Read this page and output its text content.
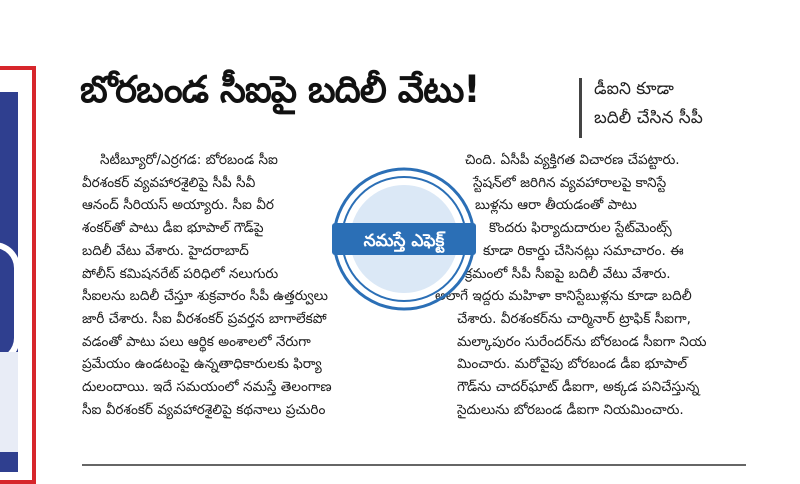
బోరబండ సీఐపై బదిలీ వేటు!	డీఐని కూడా
బదిలీ చేసిన సీపీ
సిటీబ్యూరో/ఎర్రగడ: బోరబండ సీఐ
వీరశంకర్ వ్యవహారశైలిపై సీపీ సీవీ
ఆనంద్ సీరియస్ అయ్యారు. సీఐ వీర
శంకర్‌తో పాటు డీఐ భూపాల్ గౌడ్‌పై
బదిలీ వేటు వేశారు. హైదరాబాద్
పోలీస్ కమిషనరేట్ పరిధిలో నలుగురు
సీఐలను బదిలీ చేస్తూ శుక్రవారం సీపీ ఉత్తర్వులు
జారీ చేశారు. సీఐ వీరశంకర్ ప్రవర్తన బాగాలేకపో
వడంతో పాటు పలు ఆర్థిక అంశాలలో నేరుగా
ప్రమేయం ఉండటంపై ఉన్నతాధికారులకు ఫిర్యా
దులందాయి. ఇదే సమయంలో నమస్తే తెలంగాణ
సీఐ వీరశంకర్ వ్యవహారశైలిపై కథనాలు ప్రచురిం
చింది. ఏసీపీ వ్యక్తిగత విచారణ చేపట్టారు.
స్టేషన్‌లో జరిగిన వ్యవహారాలపై కానిస్టే
బుళ్లను ఆరా తీయడంతో పాటు
కొందరు ఫిర్యాదుదారుల స్టేట్‌మెంట్స్
కూడా రికార్డు చేసినట్లు సమాచారం. ఈ
క్రమంలో సీపీ సీఐపై బదిలీ వేటు వేశారు.
అలాగే ఇద్దరు మహిళా కానిస్టేబుళ్లను కూడా బదిలీ
చేశారు. వీరశంకర్‌ను చార్మినార్ ట్రాఫిక్ సీఐగా,
మల్కాపురం సురేందర్‌ను బోరబండ సీఐగా నియ
మించారు. మరోవైపు బోరబండ డీఐ భూపాల్
గౌడ్‌ను చాదర్‌ఘాట్ డీఐగా, అక్కడ పనిచేస్తున్న
సైదులును బోరబండ డీఐగా నియమించారు.
నమస్తే ఎఫెక్ట్
